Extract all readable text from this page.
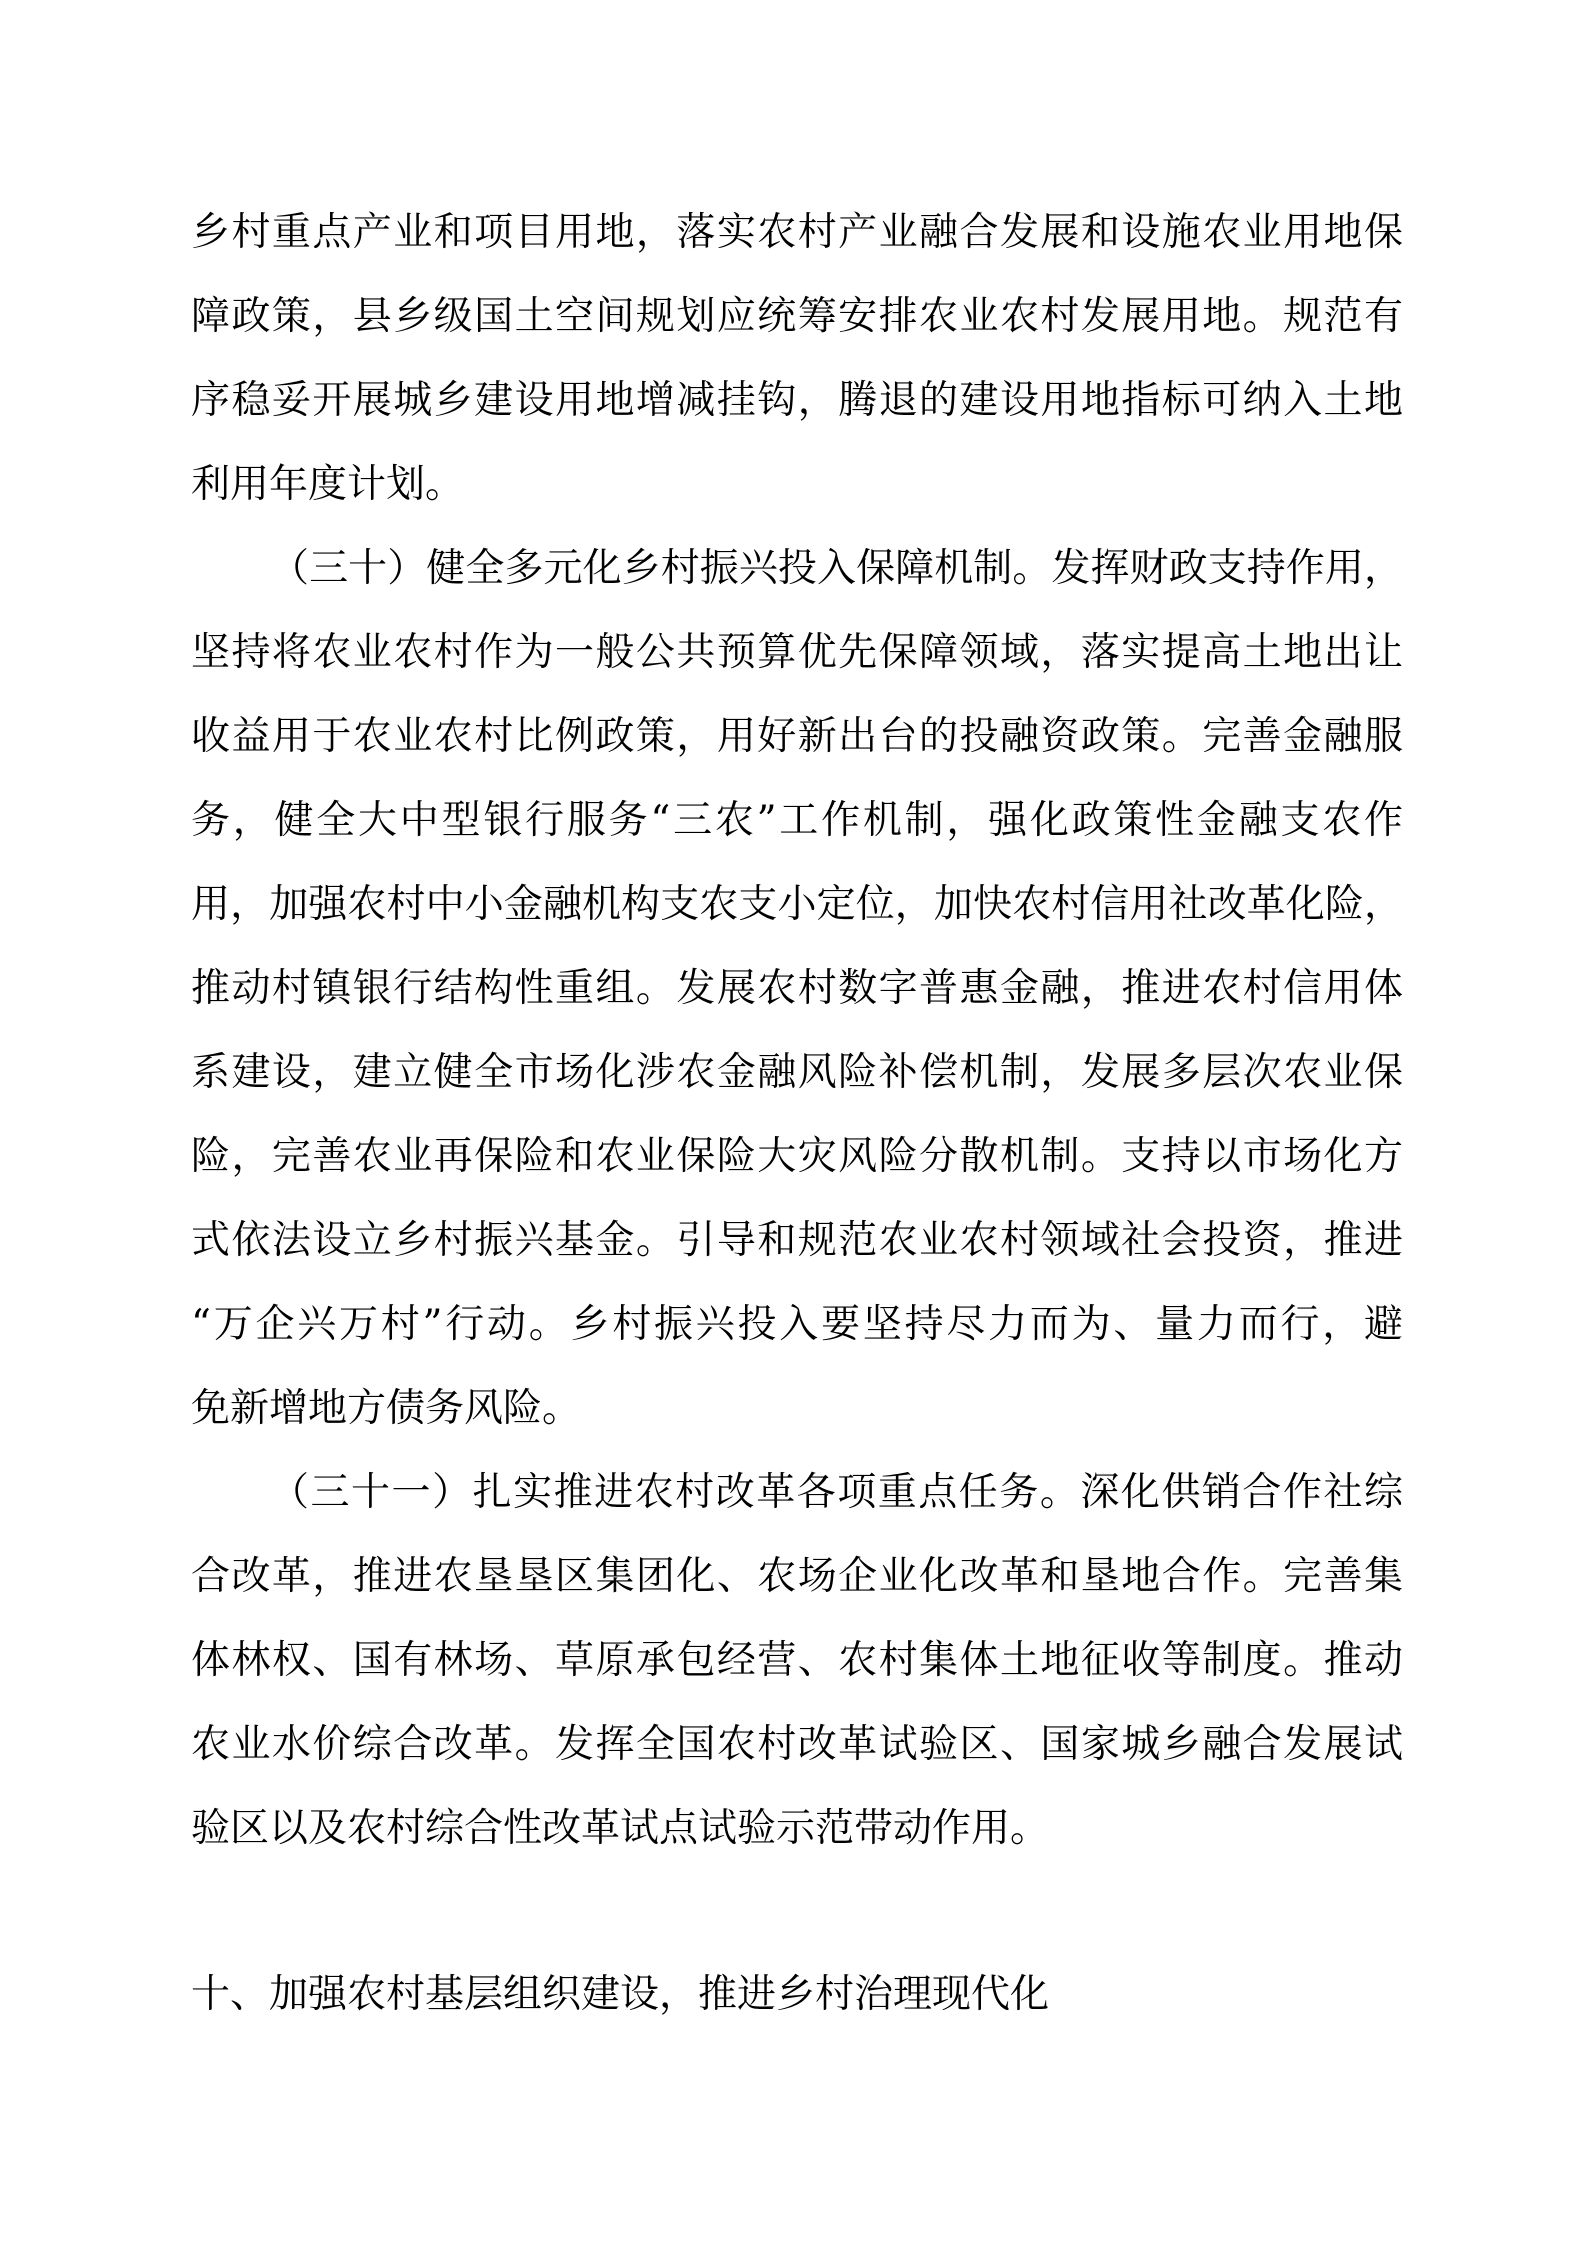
乡村重点产业和项目用地，落实农村产业融合发展和设施农业用地保
障政策，县乡级国土空间规划应统筹安排农业农村发展用地。规范有
序稳妥开展城乡建设用地增减挂钩，腾退的建设用地指标可纳入土地
利用年度计划。
（三十）健全多元化乡村振兴投入保障机制。发挥财政支持作用，
坚持将农业农村作为一般公共预算优先保障领域，落实提高土地出让
收益用于农业农村比例政策，用好新出台的投融资政策。完善金融服
务，健全大中型银行服务“三农”工作机制，强化政策性金融支农作
用，加强农村中小金融机构支农支小定位，加快农村信用社改革化险，
推动村镇银行结构性重组。发展农村数字普惠金融，推进农村信用体
系建设，建立健全市场化涉农金融风险补偿机制，发展多层次农业保
险，完善农业再保险和农业保险大灾风险分散机制。支持以市场化方
式依法设立乡村振兴基金。引导和规范农业农村领域社会投资，推进
“万企兴万村”行动。乡村振兴投入要坚持尽力而为、量力而行，避
免新增地方债务风险。
（三十一）扎实推进农村改革各项重点任务。深化供销合作社综
合改革，推进农垦垦区集团化、农场企业化改革和垦地合作。完善集
体林权、国有林场、草原承包经营、农村集体土地征收等制度。推动
农业水价综合改革。发挥全国农村改革试验区、国家城乡融合发展试
验区以及农村综合性改革试点试验示范带动作用。
十、加强农村基层组织建设，推进乡村治理现代化
